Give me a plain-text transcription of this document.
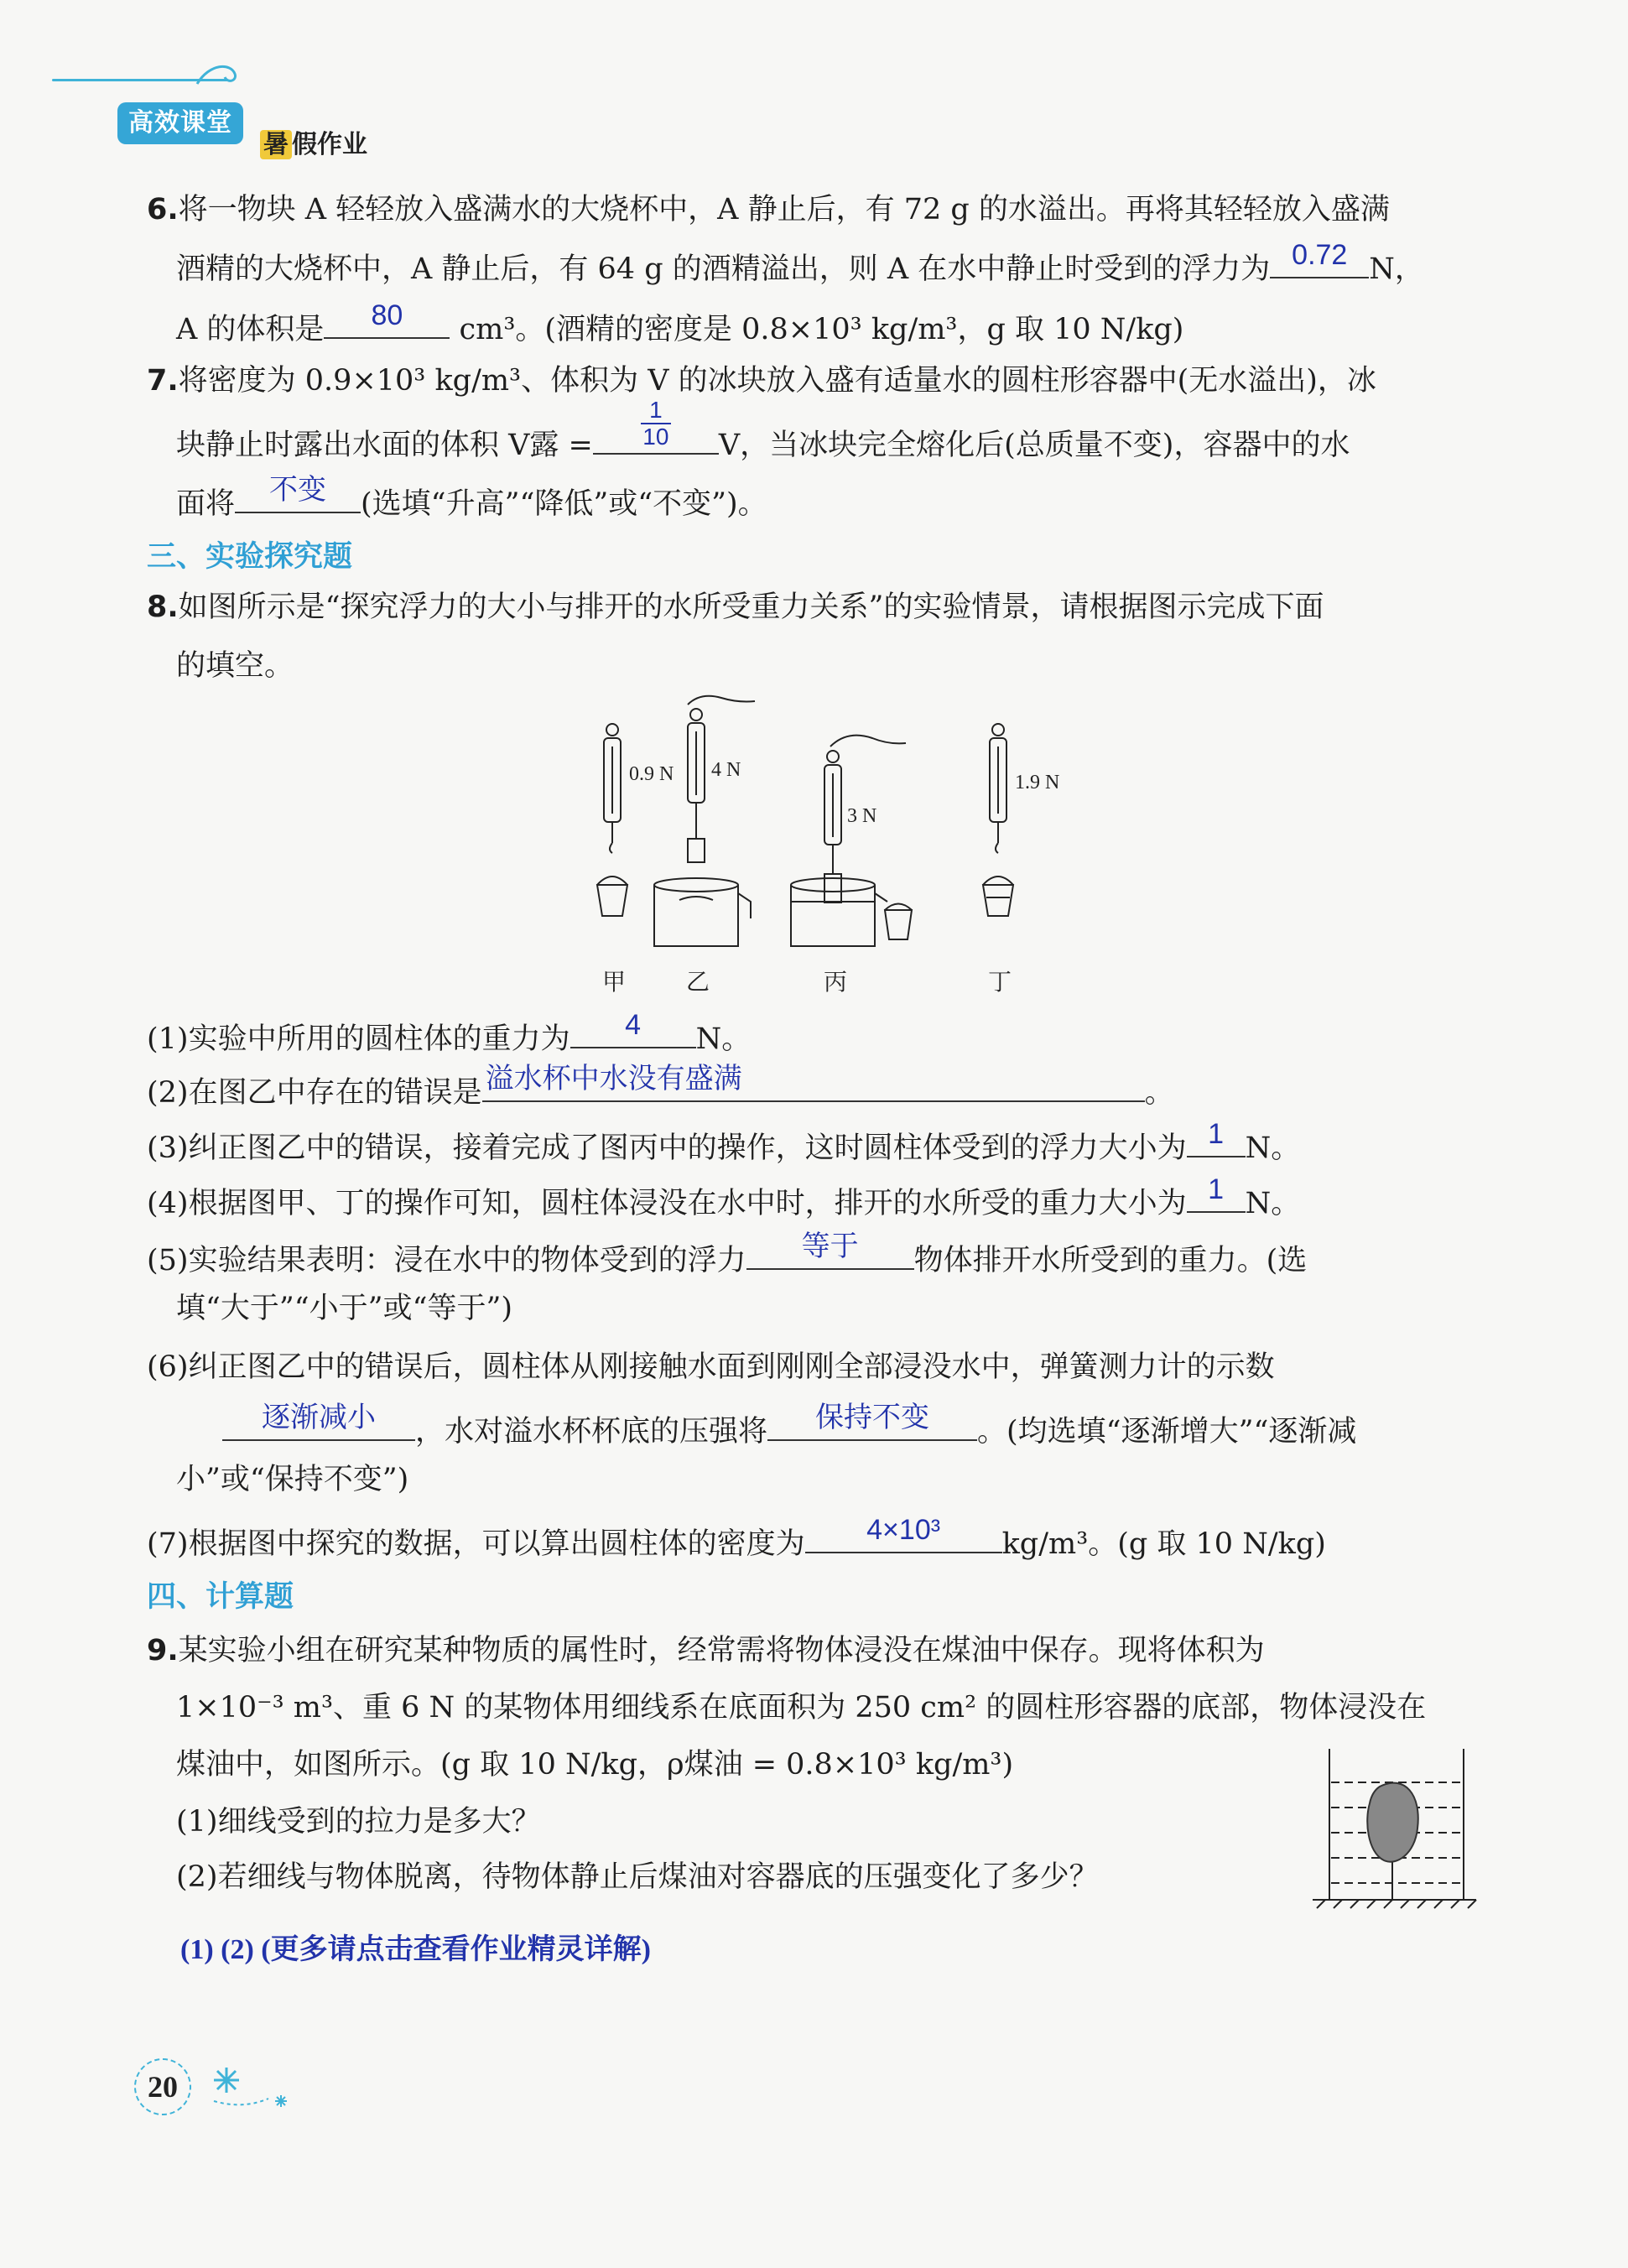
高效课堂
暑 假作业
6.将一物块 A 轻轻放入盛满水的大烧杯中，A 静止后，有 72 g 的水溢出。再将其轻轻放入盛满
酒精的大烧杯中，A 静止后，有 64 g 的酒精溢出，则 A 在水中静止时受到的浮力为 0.72 N，
A 的体积是	80	cm³。(酒精的密度是 0.8×10³ kg/m³，g 取 10 N/kg)
7.将密度为 0.9×10³ kg/m³、体积为 V 的冰块放入盛有适量水的圆柱形容器中(无水溢出)，冰
块静止时露出水面的体积 V露 =
1
10	V，当冰块完全熔化后(总质量不变)，容器中的水
面将	不变	(选填“升高”“降低”或“不变”)。
三、实验探究题
8.如图所示是“探究浮力的大小与排开的水所受重力关系”的实验情景，请根据图示完成下面
的填空。
0.9 N 4 N
3 N
1.9 N
甲	乙	丙	丁
(1)实验中所用的圆柱体的重力为	4	N。
(2)在图乙中存在的错误是 溢水杯中水没有盛满	。
(3)纠正图乙中的错误，接着完成了图丙中的操作，这时圆柱体受到的浮力大小为 1 N。
(4)根据图甲、丁的操作可知，圆柱体浸没在水中时，排开的水所受的重力大小为 1 N。
(5)实验结果表明：浸在水中的物体受到的浮力	等于	物体排开水所受到的重力。(选
填“大于”“小于”或“等于”)
(6)纠正图乙中的错误后，圆柱体从刚接触水面到刚刚全部浸没水中，弹簧测力计的示数
逐渐减小	，水对溢水杯杯底的压强将	保持不变	。(均选填“逐渐增大”“逐渐减
小”或“保持不变”)
(7)根据图中探究的数据，可以算出圆柱体的密度为	4×10³	kg/m³。(g 取 10 N/kg)
四、计算题
9.某实验小组在研究某种物质的属性时，经常需将物体浸没在煤油中保存。现将体积为
1×10⁻³ m³、重 6 N 的某物体用细线系在底面积为 250 cm² 的圆柱形容器的底部，物体浸没在
煤油中，如图所示。(g 取 10 N/kg，ρ煤油 = 0.8×10³ kg/m³)
(1)细线受到的拉力是多大？
(2)若细线与物体脱离，待物体静止后煤油对容器底的压强变化了多少？
(1) (2) (更多请点击查看作业精灵详解)
20
